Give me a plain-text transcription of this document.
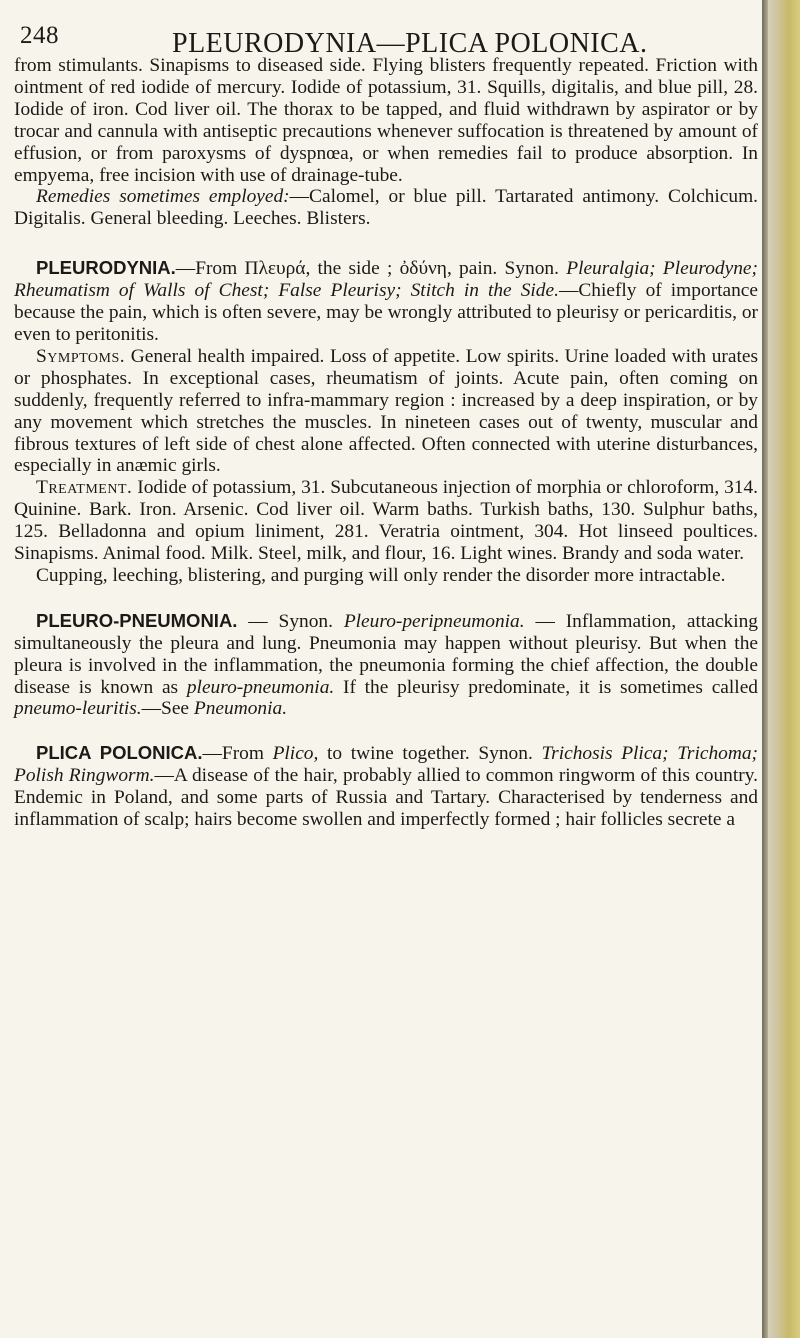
248	PLEURODYNIA—PLICA POLONICA.

from stimulants. Sinapisms to diseased side. Flying blisters frequently repeated. Friction with ointment of red iodide of mercury. Iodide of potassium, 31. Squills, digitalis, and blue pill, 28. Iodide of iron. Cod liver oil. The thorax to be tapped, and fluid withdrawn by aspirator or by trocar and cannula with antiseptic precautions whenever suffocation is threatened by amount of effusion, or from paroxysms of dyspnœa, or when remedies fail to produce absorption. In empyema, free incision with use of drainage-tube.

Remedies sometimes employed:—Calomel, or blue pill. Tartarated antimony. Colchicum. Digitalis. General bleeding. Leeches. Blisters.

PLEURODYNIA.—From Πλευρά, the side ; ὀδύνη, pain. Synon. Pleuralgia; Pleurodyne; Rheumatism of Walls of Chest; False Pleurisy; Stitch in the Side.—Chiefly of importance because the pain, which is often severe, may be wrongly attributed to pleurisy or pericarditis, or even to peritonitis.

Symptoms. General health impaired. Loss of appetite. Low spirits. Urine loaded with urates or phosphates. In exceptional cases, rheumatism of joints. Acute pain, often coming on suddenly, frequently referred to infra-mammary region : increased by a deep inspiration, or by any movement which stretches the muscles. In nineteen cases out of twenty, muscular and fibrous textures of left side of chest alone affected. Often connected with uterine disturbances, especially in anæmic girls.

Treatment. Iodide of potassium, 31. Subcutaneous injection of morphia or chloroform, 314. Quinine. Bark. Iron. Arsenic. Cod liver oil. Warm baths. Turkish baths, 130. Sulphur baths, 125. Belladonna and opium liniment, 281. Veratria ointment, 304. Hot linseed poultices. Sinapisms. Animal food. Milk. Steel, milk, and flour, 16. Light wines. Brandy and soda water.

Cupping, leeching, blistering, and purging will only render the disorder more intractable.

PLEURO-PNEUMONIA. — Synon. Pleuro-peripneumonia. — Inflammation, attacking simultaneously the pleura and lung. Pneumonia may happen without pleurisy. But when the pleura is involved in the inflammation, the pneumonia forming the chief affection, the double disease is known as pleuro-pneumonia. If the pleurisy predominate, it is sometimes called pneumo-leuritis.—See Pneumonia.

PLICA POLONICA.—From Plico, to twine together. Synon. Trichosis Plica; Trichoma; Polish Ringworm.—A disease of the hair, probably allied to common ringworm of this country. Endemic in Poland, and some parts of Russia and Tartary. Characterised by tenderness and inflammation of scalp; hairs become swollen and imperfectly formed ; hair follicles secrete a
